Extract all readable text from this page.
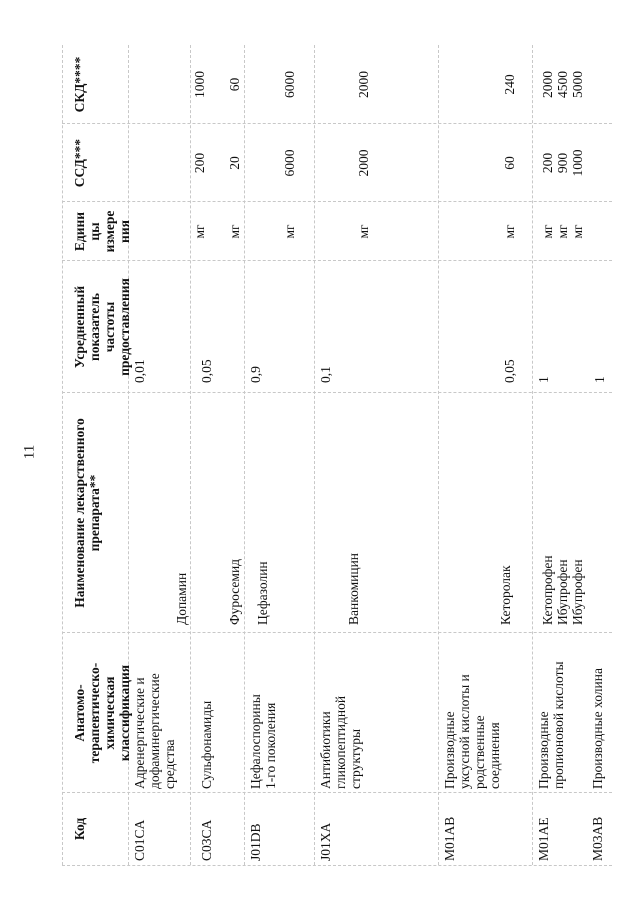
11
Код
Анатомо-
терапевтическо-
химическая
классификация
Наименование лекарственного
препарата**
Усредненный
показатель
частоты
предоставления
Едини
цы
измере
ния
ССД***
СКД****
C01CA
Адренергические и
дофаминергические
средства
Допамин
0,01
мг
200
1000
C03CA
Сульфонамиды
Фуросемид
0,05
мг
20
60
J01DB
Цефалоспорины
1-го поколения
Цефазолин
0,9
мг
6000
6000
J01XA
Антибиотики
гликопептидной
структуры
Ванкомицин
0,1
мг
2000
2000
M01AB
Производные
уксусной кислоты и
родственные
соединения
Кеторолак
0,05
мг
60
240
M01AE
Производные
пропионовой кислоты
Кетопрофен
Ибупрофен
Ибупрофен
1
мг
мг
мг
200
900
1000
2000
4500
5000
M03AB
Производные холина
1
